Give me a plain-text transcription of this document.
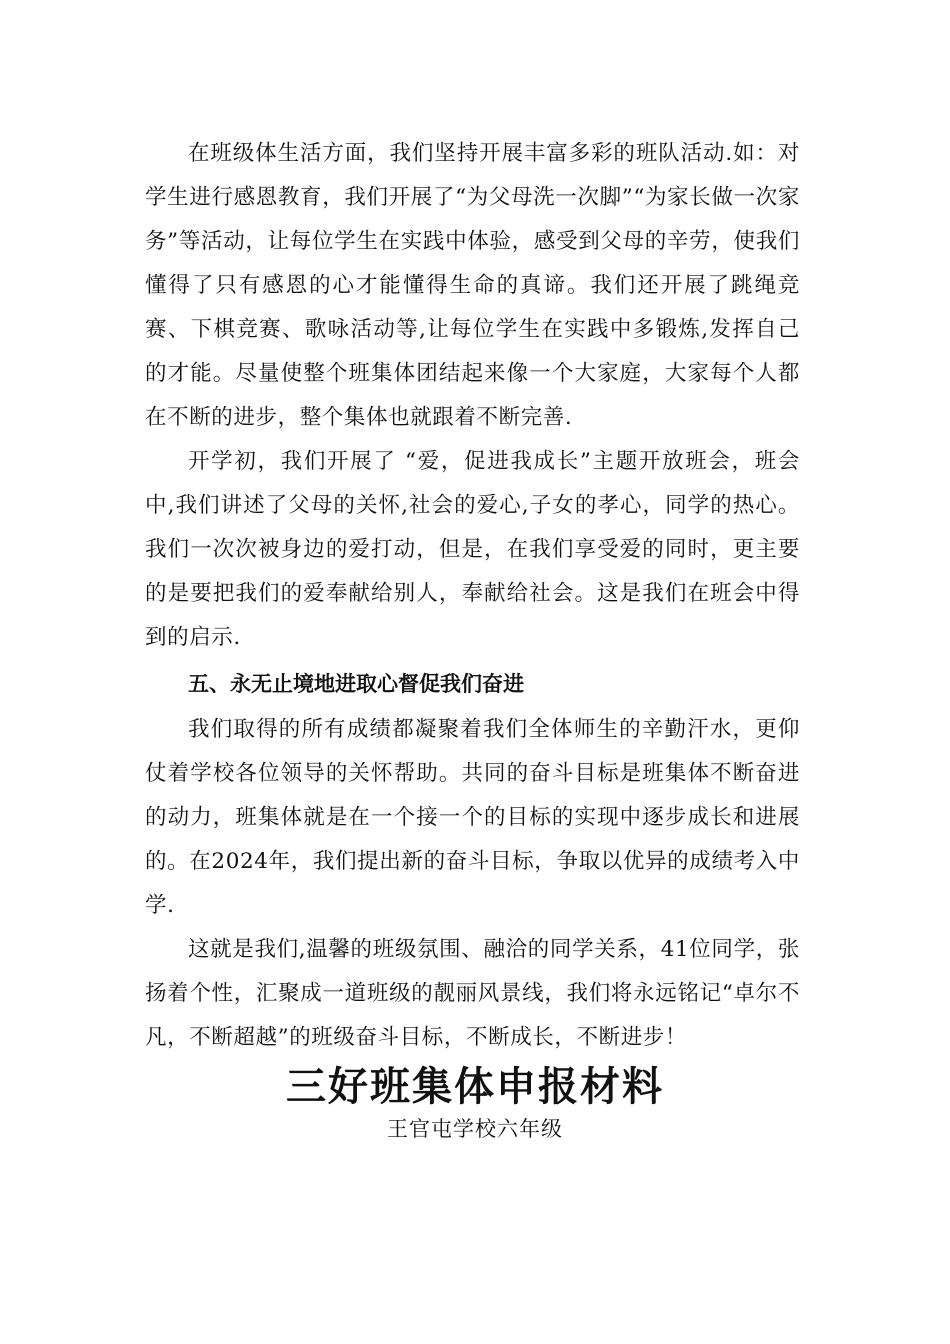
在班级体生活方面，我们坚持开展丰富多彩的班队活动.如：对学生进行感恩教育，我们开展了“为父母洗一次脚”“为家长做一次家务”等活动，让每位学生在实践中体验，感受到父母的辛劳，使我们懂得了只有感恩的心才能懂得生命的真谛。我们还开展了跳绳竞赛、下棋竞赛、歌咏活动等,让每位学生在实践中多锻炼,发挥自己的才能。尽量使整个班集体团结起来像一个大家庭，大家每个人都在不断的进步，整个集体也就跟着不断完善.

开学初，我们开展了 “爱，促进我成长”主题开放班会，班会中,我们讲述了父母的关怀,社会的爱心,子女的孝心，同学的热心。我们一次次被身边的爱打动，但是，在我们享受爱的同时，更主要的是要把我们的爱奉献给别人，奉献给社会。这是我们在班会中得到的启示.

五、永无止境地进取心督促我们奋进

我们取得的所有成绩都凝聚着我们全体师生的辛勤汗水，更仰仗着学校各位领导的关怀帮助。共同的奋斗目标是班集体不断奋进的动力，班集体就是在一个接一个的目标的实现中逐步成长和进展的。在2024年，我们提出新的奋斗目标，争取以优异的成绩考入中学.

这就是我们,温馨的班级氛围、融洽的同学关系，41位同学，张扬着个性，汇聚成一道班级的靓丽风景线，我们将永远铭记“卓尔不凡，不断超越”的班级奋斗目标，不断成长，不断进步！

三好班集体申报材料

王官屯学校六年级
